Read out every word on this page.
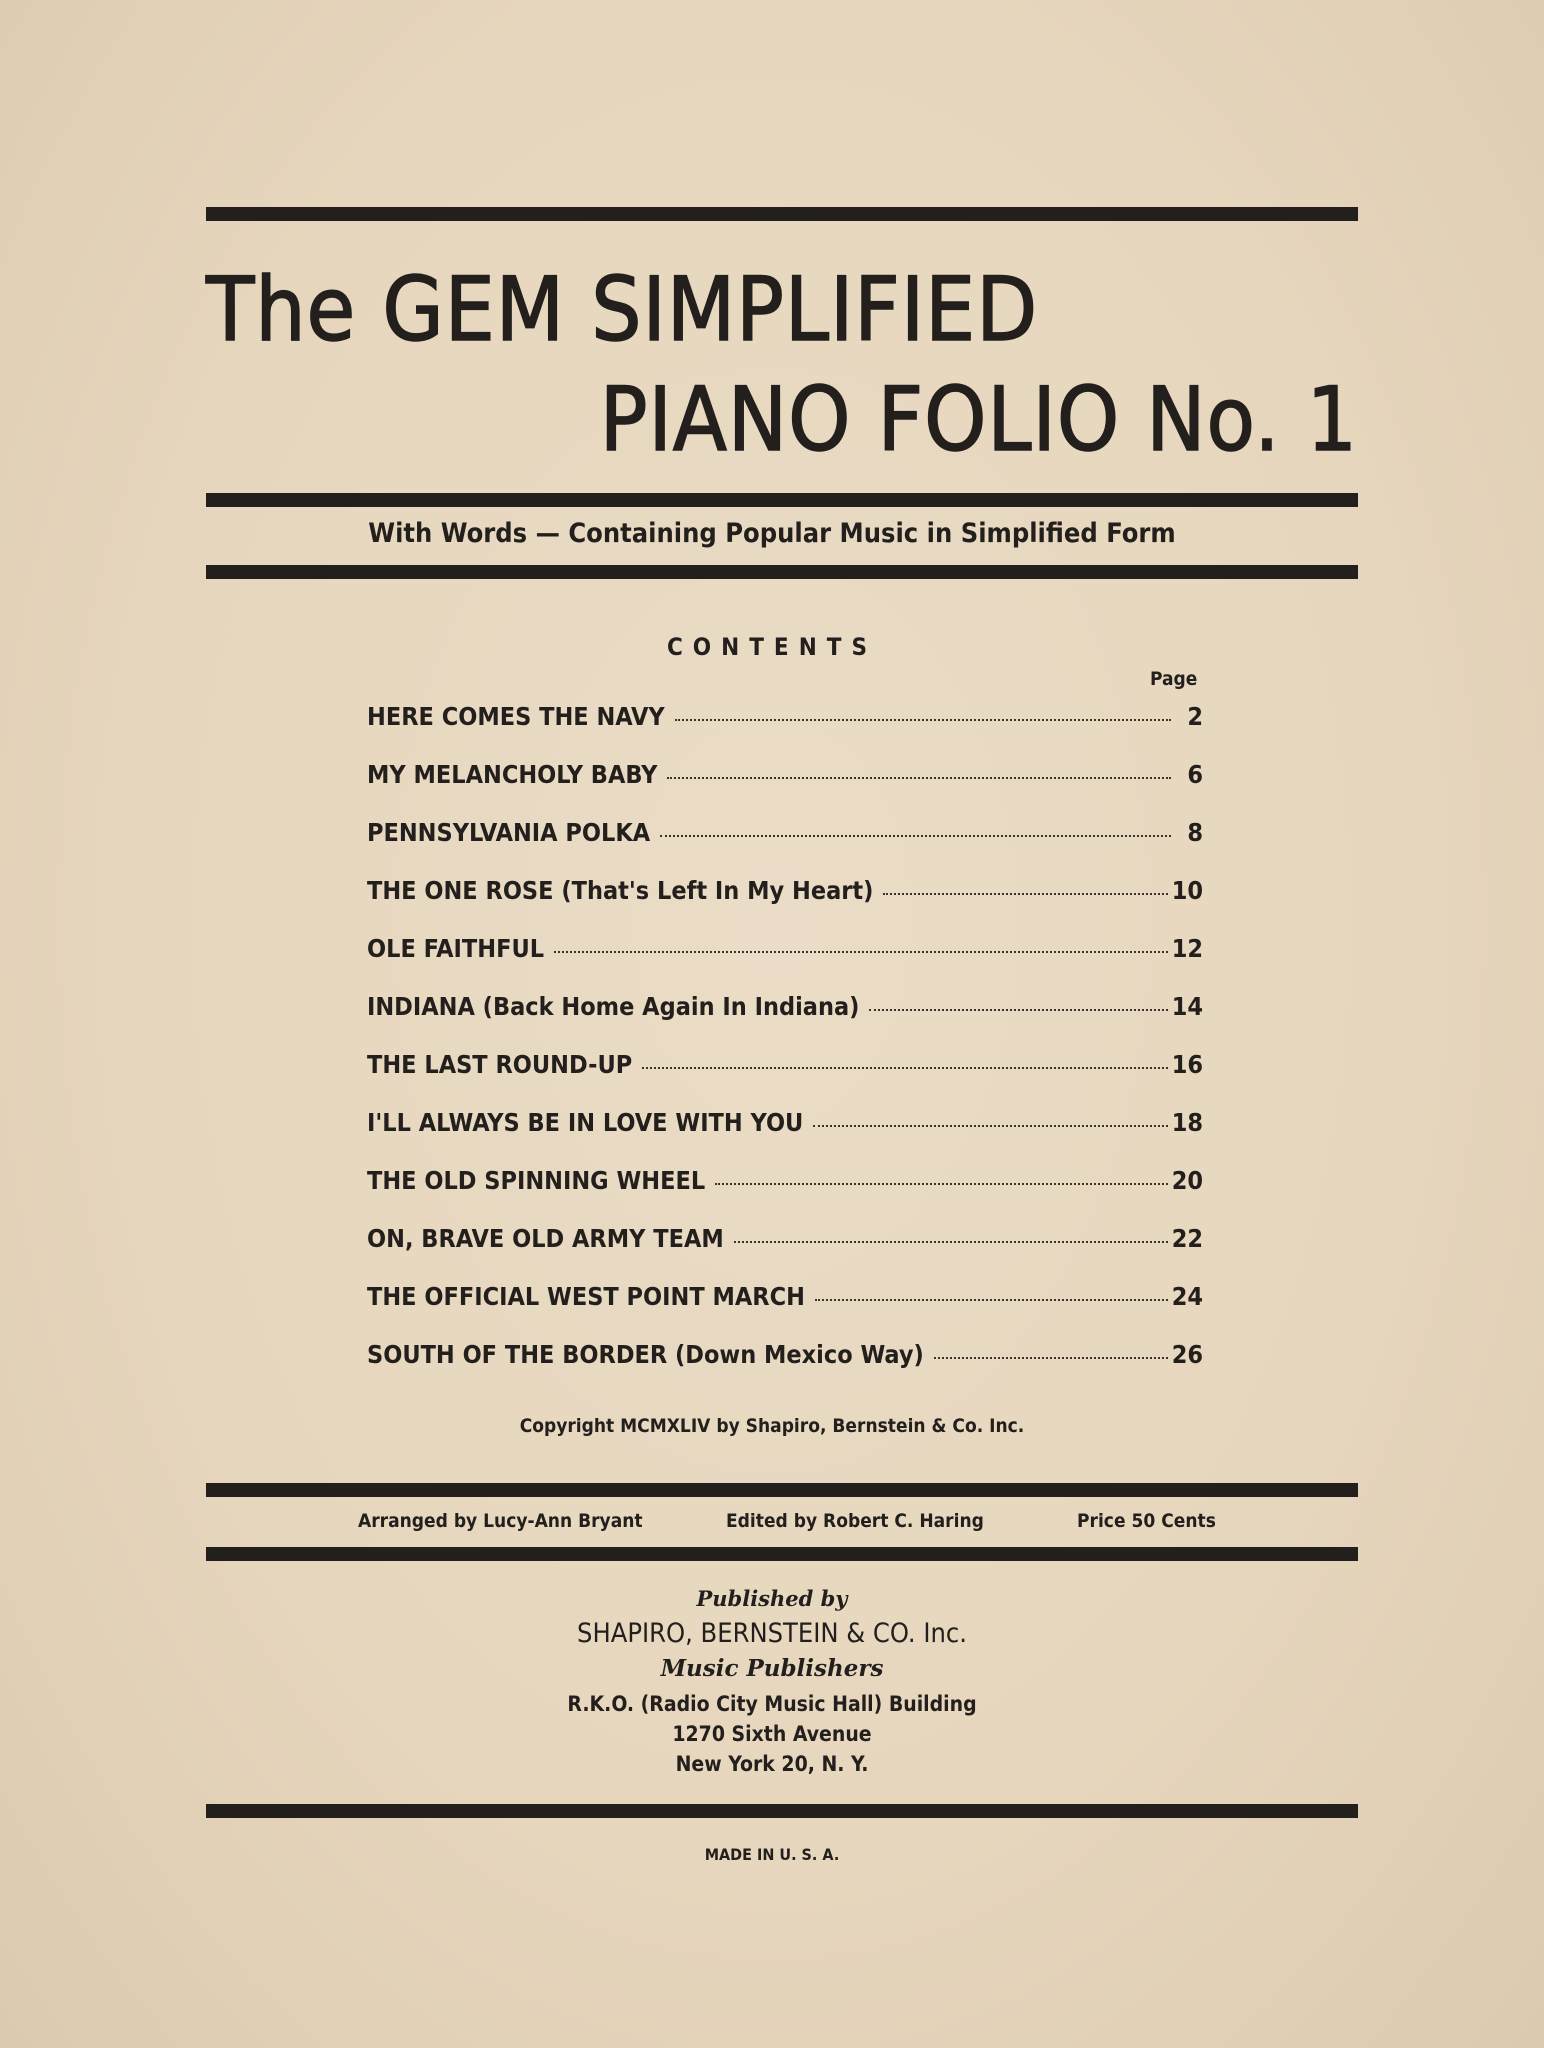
The GEM SIMPLIFIED
PIANO FOLIO No. 1
With Words — Containing Popular Music in Simplified Form
CONTENTS
Page
HERE COMES THE NAVY	2
MY MELANCHOLY BABY	6
PENNSYLVANIA POLKA	8
THE ONE ROSE (That's Left In My Heart)	10
OLE FAITHFUL	12
INDIANA (Back Home Again In Indiana)	14
THE LAST ROUND-UP	16
I'LL ALWAYS BE IN LOVE WITH YOU	18
THE OLD SPINNING WHEEL	20
ON, BRAVE OLD ARMY TEAM	22
THE OFFICIAL WEST POINT MARCH	24
SOUTH OF THE BORDER (Down Mexico Way)	26
Copyright MCMXLIV by Shapiro, Bernstein & Co. Inc.
Arranged by Lucy-Ann Bryant	Edited by Robert C. Haring	Price 50 Cents
Published by
SHAPIRO, BERNSTEIN & CO. Inc.
Music Publishers
R.K.O. (Radio City Music Hall) Building
1270 Sixth Avenue
New York 20, N. Y.
MADE IN U. S. A.
